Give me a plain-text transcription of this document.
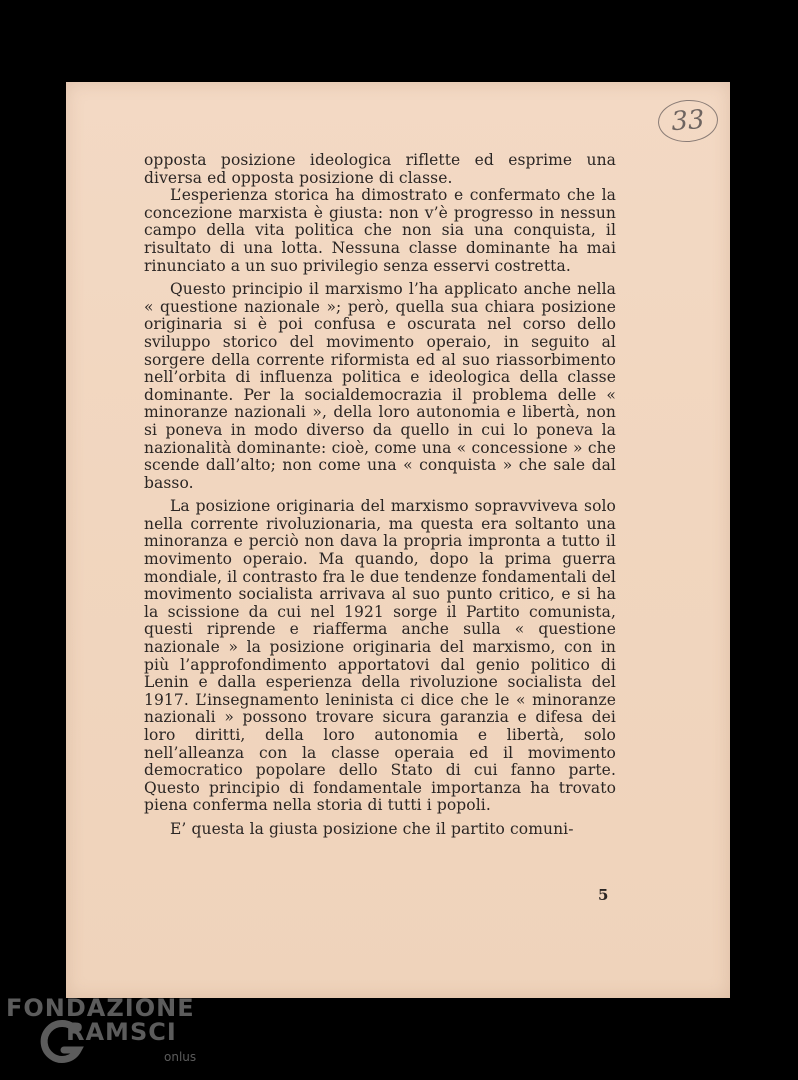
33

opposta posizione ideologica riflette ed esprime una diversa ed opposta posizione di classe.

L’esperienza storica ha dimostrato e confermato che la concezione marxista è giusta: non v’è progresso in nessun campo della vita politica che non sia una conquista, il risultato di una lotta. Nessuna classe dominante ha mai rinunciato a un suo privilegio senza esservi costretta.

Questo principio il marxismo l’ha applicato anche nella « questione nazionale »; però, quella sua chiara posizione originaria si è poi confusa e oscurata nel corso dello sviluppo storico del movimento operaio, in seguito al sorgere della corrente riformista ed al suo riassorbimento nell’orbita di influenza politica e ideologica della classe dominante. Per la socialdemocrazia il problema delle « minoranze nazionali », della loro autonomia e libertà, non si poneva in modo diverso da quello in cui lo poneva la nazionalità dominante: cioè, come una « concessione » che scende dall’alto; non come una « conquista » che sale dal basso.

La posizione originaria del marxismo sopravviveva solo nella corrente rivoluzionaria, ma questa era soltanto una minoranza e perciò non dava la propria impronta a tutto il movimento operaio. Ma quando, dopo la prima guerra mondiale, il contrasto fra le due tendenze fondamentali del movimento socialista arrivava al suo punto critico, e si ha la scissione da cui nel 1921 sorge il Partito comunista, questi riprende e riafferma anche sulla « questione nazionale » la posizione originaria del marxismo, con in più l’approfondimento apportatovi dal genio politico di Lenin e dalla esperienza della rivoluzione socialista del 1917. L’insegnamento leninista ci dice che le « minoranze nazionali » possono trovare sicura garanzia e difesa dei loro diritti, della loro autonomia e libertà, solo nell’alleanza con la classe operaia ed il movimento democratico popolare dello Stato di cui fanno parte. Questo principio di fondamentale importanza ha trovato piena conferma nella storia di tutti i popoli.

E’ questa la giusta posizione che il partito comuni-

5
FONDAZIONE
RAMSCI
onlus
